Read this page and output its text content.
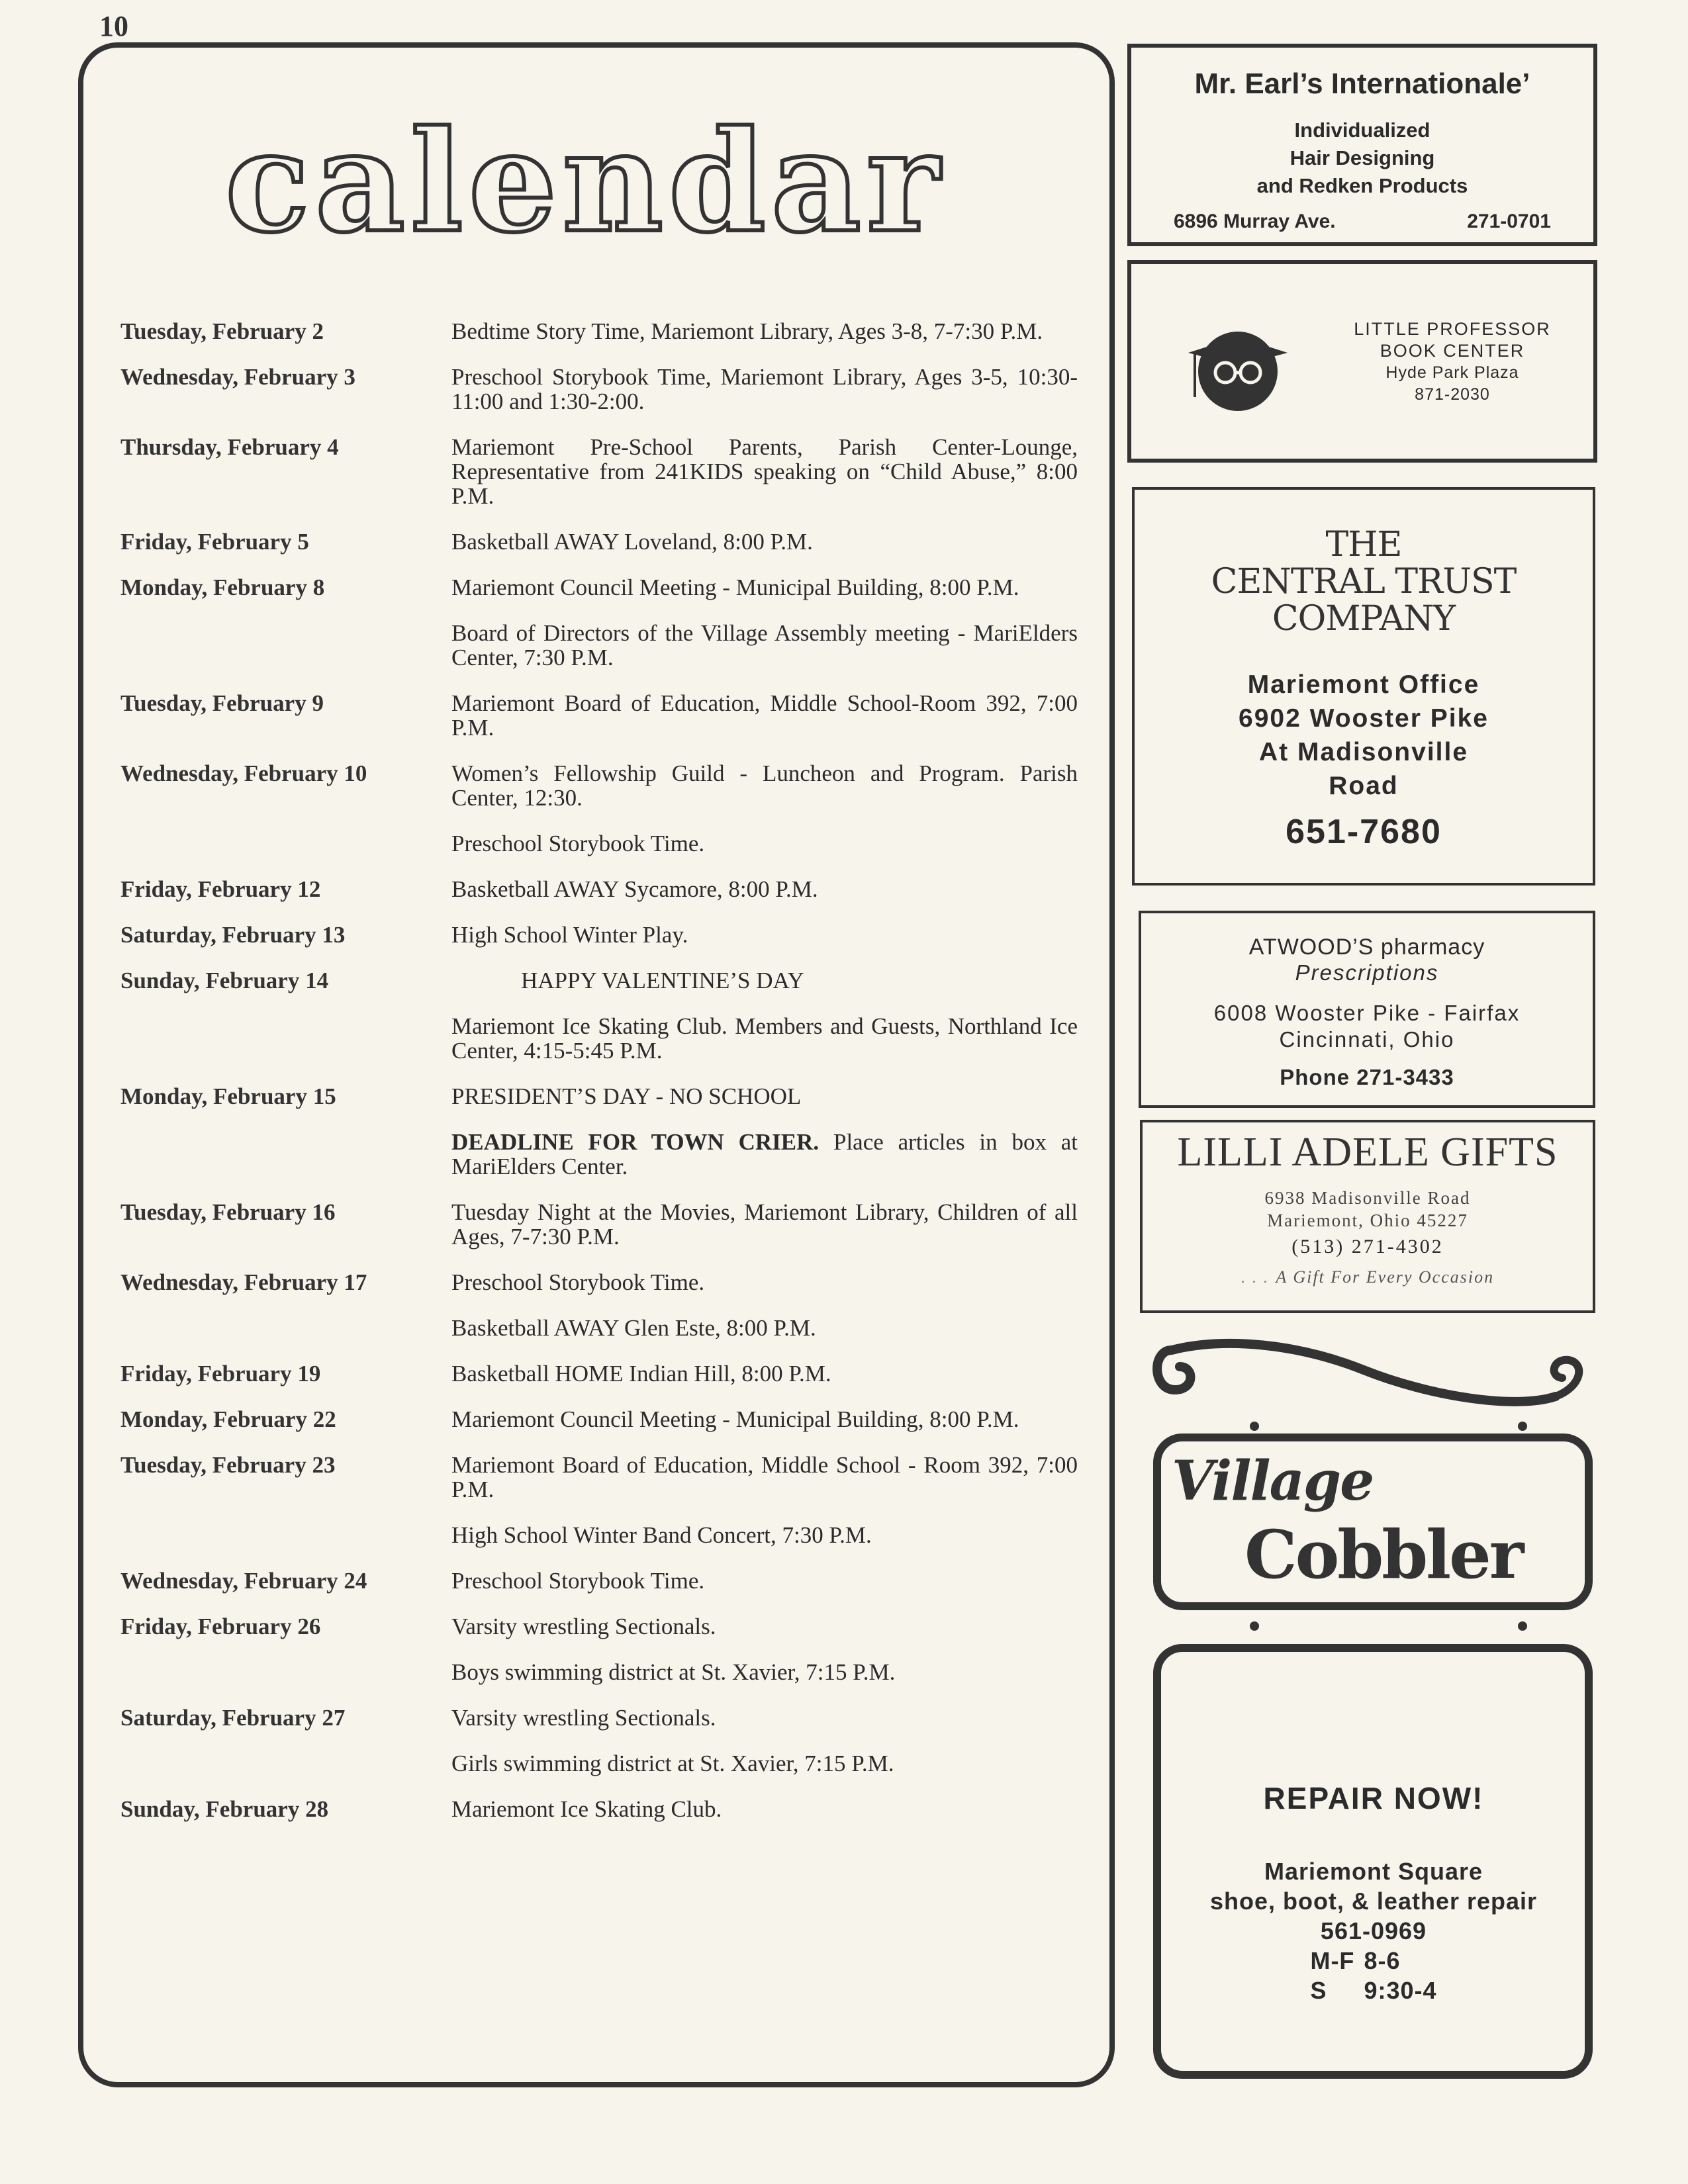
10
calendar
Tuesday, February 2	Bedtime Story Time, Mariemont Library, Ages 3-8, 7-7:30 P.M.
Wednesday, February 3	Preschool Storybook Time, Mariemont Library, Ages 3-5, 10:30-11:00 and 1:30-2:00.
Thursday, February 4	Mariemont Pre-School Parents, Parish Center-Lounge, Representative from 241KIDS speaking on “Child Abuse,” 8:00 P.M.
Friday, February 5	Basketball AWAY Loveland, 8:00 P.M.
Monday, February 8	Mariemont Council Meeting - Municipal Building, 8:00 P.M.
Board of Directors of the Village Assembly meeting - MariElders Center, 7:30 P.M.
Tuesday, February 9	Mariemont Board of Education, Middle School-Room 392, 7:00 P.M.
Wednesday, February 10	Women’s Fellowship Guild - Luncheon and Program. Parish Center, 12:30.
Preschool Storybook Time.
Friday, February 12	Basketball AWAY Sycamore, 8:00 P.M.
Saturday, February 13	High School Winter Play.
Sunday, February 14	HAPPY VALENTINE’S DAY
Mariemont Ice Skating Club. Members and Guests, Northland Ice Center, 4:15-5:45 P.M.
Monday, February 15	PRESIDENT’S DAY - NO SCHOOL
DEADLINE FOR TOWN CRIER. Place articles in box at MariElders Center.
Tuesday, February 16	Tuesday Night at the Movies, Mariemont Library, Children of all Ages, 7-7:30 P.M.
Wednesday, February 17	Preschool Storybook Time.
Basketball AWAY Glen Este, 8:00 P.M.
Friday, February 19	Basketball HOME Indian Hill, 8:00 P.M.
Monday, February 22	Mariemont Council Meeting - Municipal Building, 8:00 P.M.
Tuesday, February 23	Mariemont Board of Education, Middle School - Room 392, 7:00 P.M.
High School Winter Band Concert, 7:30 P.M.
Wednesday, February 24	Preschool Storybook Time.
Friday, February 26	Varsity wrestling Sectionals.
Boys swimming district at St. Xavier, 7:15 P.M.
Saturday, February 27	Varsity wrestling Sectionals.
Girls swimming district at St. Xavier, 7:15 P.M.
Sunday, February 28	Mariemont Ice Skating Club.
Mr. Earl’s Internationale’
Individualized
Hair Designing
and Redken Products
6896 Murray Ave.	271-0701
LITTLE PROFESSOR
BOOK CENTER
Hyde Park Plaza
871-2030
THE
CENTRAL TRUST
COMPANY
Mariemont Office
6902 Wooster Pike
At Madisonville
Road
651-7680
ATWOOD’S pharmacy
Prescriptions
6008 Wooster Pike - Fairfax
Cincinnati, Ohio
Phone 271-3433
LILLI ADELE GIFTS
6938 Madisonville Road
Mariemont, Ohio 45227
(513) 271-4302
. . . A Gift For Every Occasion
Village
Cobbler
REPAIR NOW!
Mariemont Square
shoe, boot, & leather repair
561-0969
M-F 8-6
S 9:30-4
